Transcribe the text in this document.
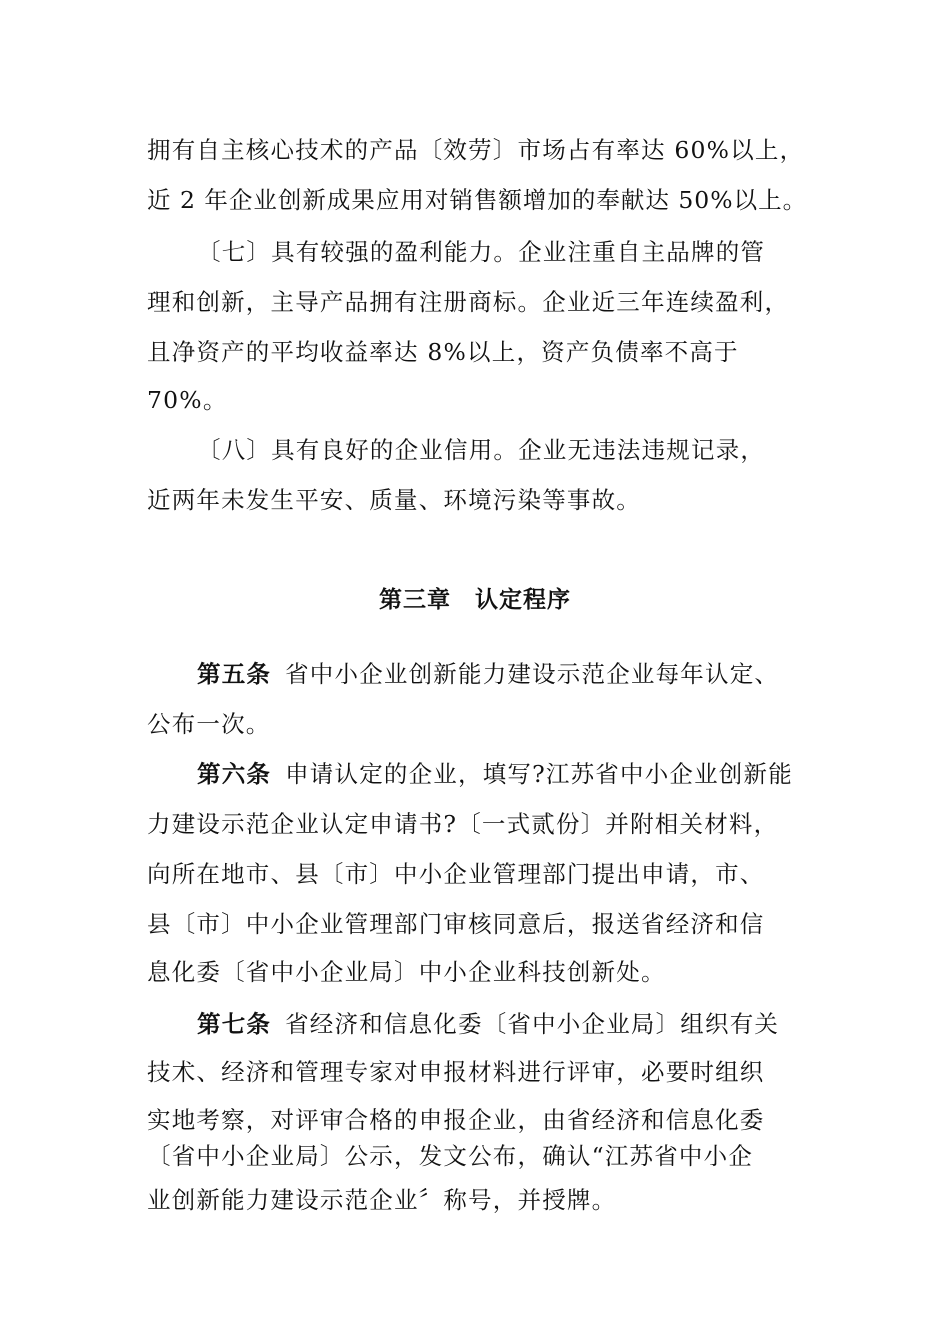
拥有自主核心技术的产品〔效劳〕市场占有率达 60%以上，
近 2 年企业创新成果应用对销售额增加的奉献达 50%以上。
〔七〕具有较强的盈利能力。企业注重自主品牌的管
理和创新，主导产品拥有注册商标。企业近三年连续盈利，
且净资产的平均收益率达 8%以上，资产负债率不高于
70%。
〔八〕具有良好的企业信用。企业无违法违规记录，
近两年未发生平安、质量、环境污染等事故。
第三章　认定程序
第五条 省中小企业创新能力建设示范企业每年认定、
公布一次。
第六条 申请认定的企业，填写?江苏省中小企业创新能
力建设示范企业认定申请书?〔一式贰份〕并附相关材料，
向所在地市、县〔市〕中小企业管理部门提出申请，市、
县〔市〕中小企业管理部门审核同意后，报送省经济和信
息化委〔省中小企业局〕中小企业科技创新处。
第七条 省经济和信息化委〔省中小企业局〕组织有关
技术、经济和管理专家对申报材料进行评审，必要时组织
实地考察，对评审合格的申报企业，由省经济和信息化委
〔省中小企业局〕公示，发文公布，确认“江苏省中小企
业创新能力建设示范企业〞称号，并授牌。
